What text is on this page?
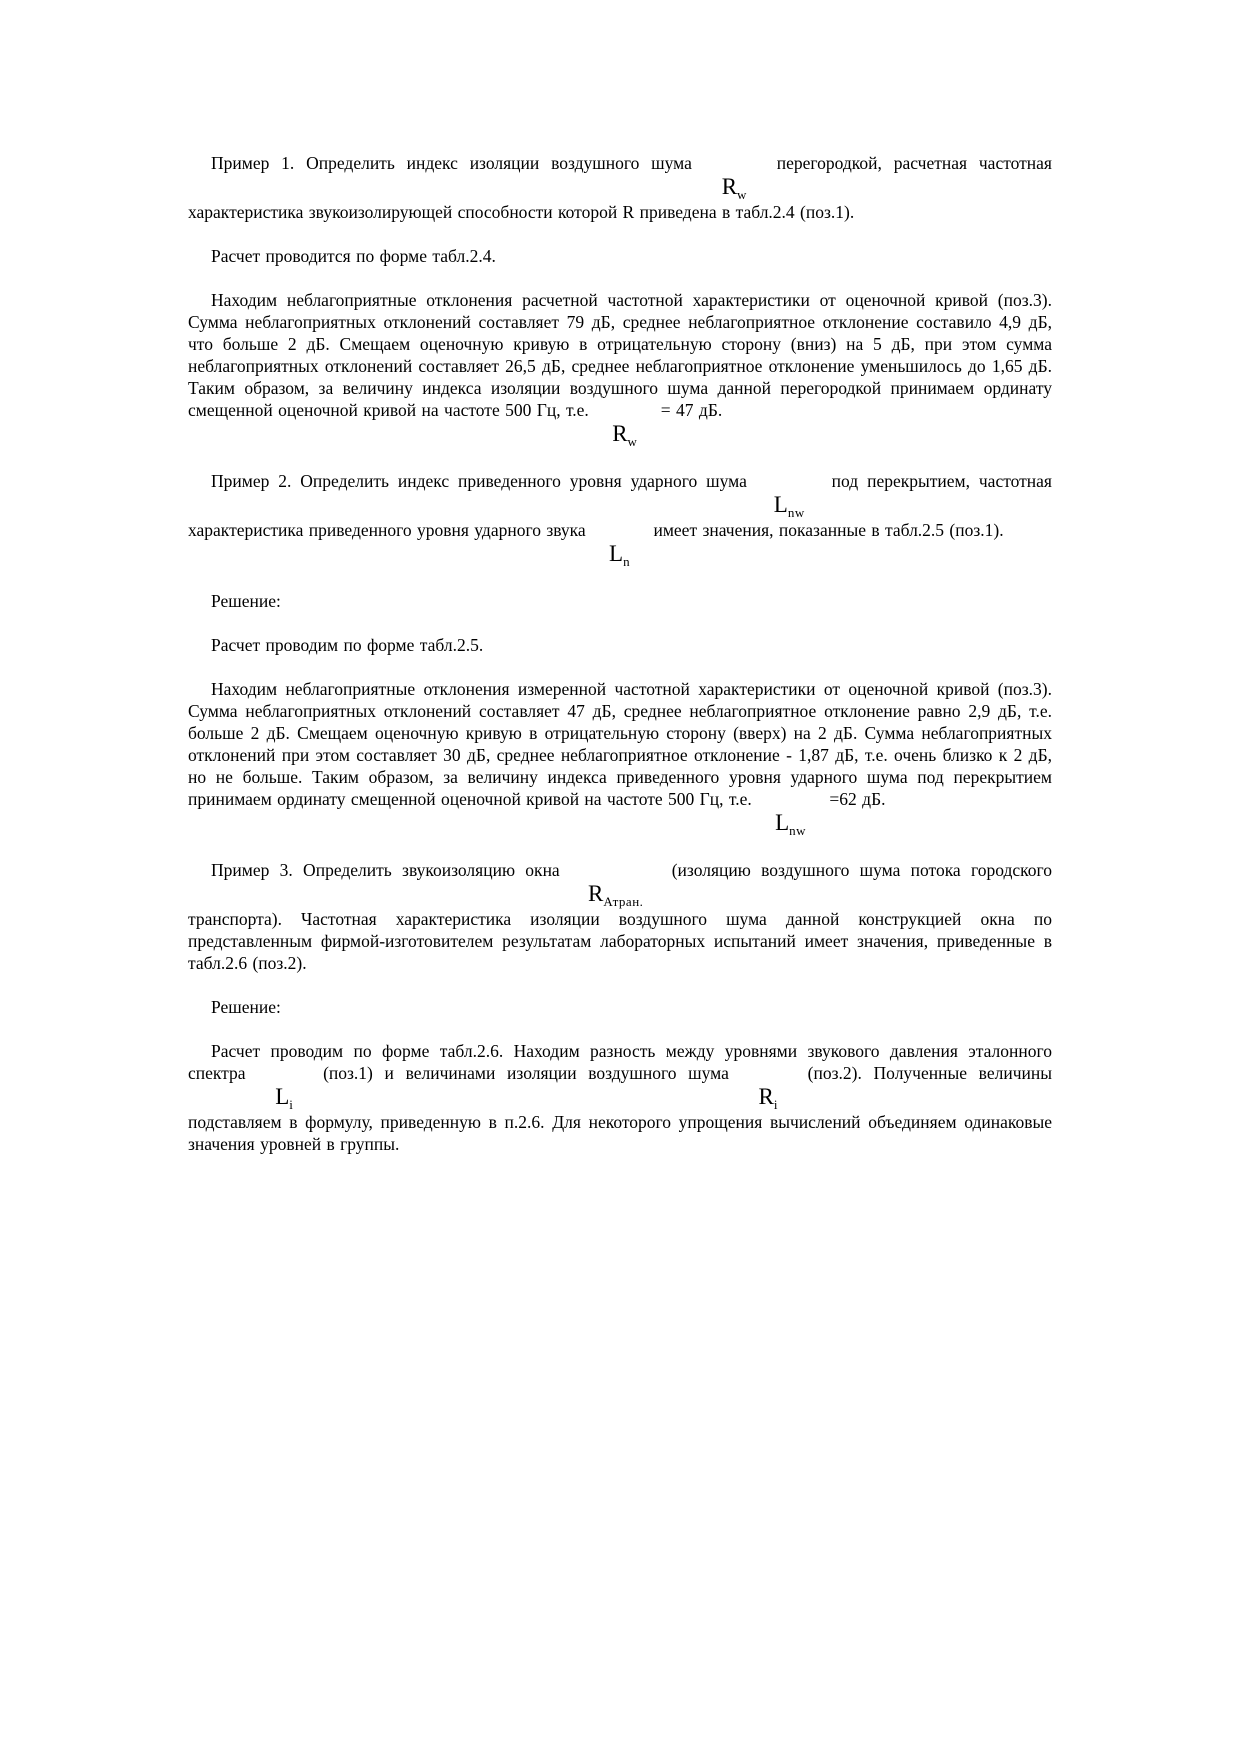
Пример 1. Определить индекс изоляции воздушного шума $R_w$ перегородкой, расчетная частотная характеристика звукоизолирующей способности которой R приведена в табл.2.4 (поз.1).

Расчет проводится по форме табл.2.4.

Находим неблагоприятные отклонения расчетной частотной характеристики от оценочной кривой (поз.3). Сумма неблагоприятных отклонений составляет 79 дБ, среднее неблагоприятное отклонение составило 4,9 дБ, что больше 2 дБ. Смещаем оценочную кривую в отрицательную сторону (вниз) на 5 дБ, при этом сумма неблагоприятных отклонений составляет 26,5 дБ, среднее неблагоприятное отклонение уменьшилось до 1,65 дБ. Таким образом, за величину индекса изоляции воздушного шума данной перегородкой принимаем ординату смещенной оценочной кривой на частоте 500 Гц, т.е. $R_w = 47$ дБ.

Пример 2. Определить индекс приведенного уровня ударного шума $L_{nw}$ под перекрытием, частотная характеристика приведенного уровня ударного звука $L_n$ имеет значения, показанные в табл.2.5 (поз.1).

Решение:

Расчет проводим по форме табл.2.5.

Находим неблагоприятные отклонения измеренной частотной характеристики от оценочной кривой (поз.3). Сумма неблагоприятных отклонений составляет 47 дБ, среднее неблагоприятное отклонение равно 2,9 дБ, т.е. больше 2 дБ. Смещаем оценочную кривую в отрицательную сторону (вверх) на 2 дБ. Сумма неблагоприятных отклонений при этом составляет 30 дБ, среднее неблагоприятное отклонение - 1,87 дБ, т.е. очень близко к 2 дБ, но не больше. Таким образом, за величину индекса приведенного уровня ударного шума под перекрытием принимаем ординату смещенной оценочной кривой на частоте 500 Гц, т.е. $L_{nw} =62$ дБ.

Пример 3. Определить звукоизоляцию окна $R_{Атран.}$ (изоляцию воздушного шума потока городского транспорта). Частотная характеристика изоляции воздушного шума данной конструкцией окна по представленным фирмой-изготовителем результатам лабораторных испытаний имеет значения, приведенные в табл.2.6 (поз.2).

Решение:

Расчет проводим по форме табл.2.6. Находим разность между уровнями звукового давления эталонного спектра $L_i$ (поз.1) и величинами изоляции воздушного шума $R_i$ (поз.2). Полученные величины подставляем в формулу, приведенную в п.2.6. Для некоторого упрощения вычислений объединяем одинаковые значения уровней в группы.
